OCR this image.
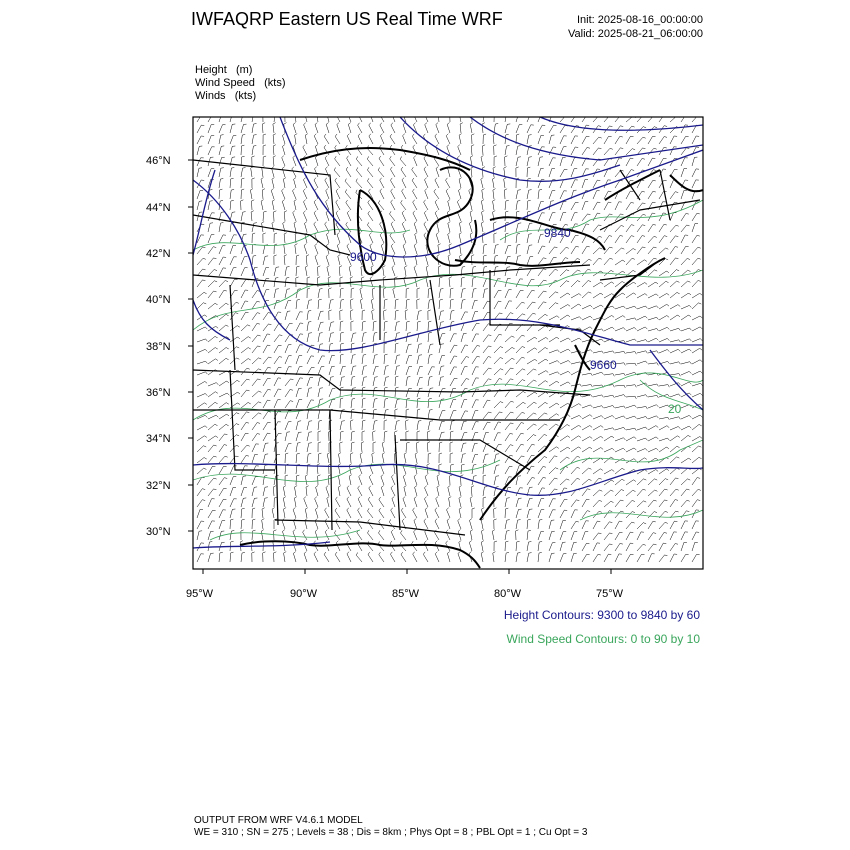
IWFAQRP Eastern US Real Time WRF	Init: 2025-08-16_00:00:00
Valid: 2025-08-21_06:00:00
Height (m)
Wind Speed (kts)
Winds (kts)
9600
9660
9840
20
46°N
44°N
42°N
40°N
38°N
36°N
34°N
32°N
30°N
95°W	90°W	85°W	80°W	75°W
Height Contours: 9300 to 9840 by 60
Wind Speed Contours: 0 to 90 by 10
OUTPUT FROM WRF V4.6.1 MODEL
WE = 310 ; SN = 275 ; Levels = 38 ; Dis = 8km ; Phys Opt = 8 ; PBL Opt = 1 ; Cu Opt = 3
